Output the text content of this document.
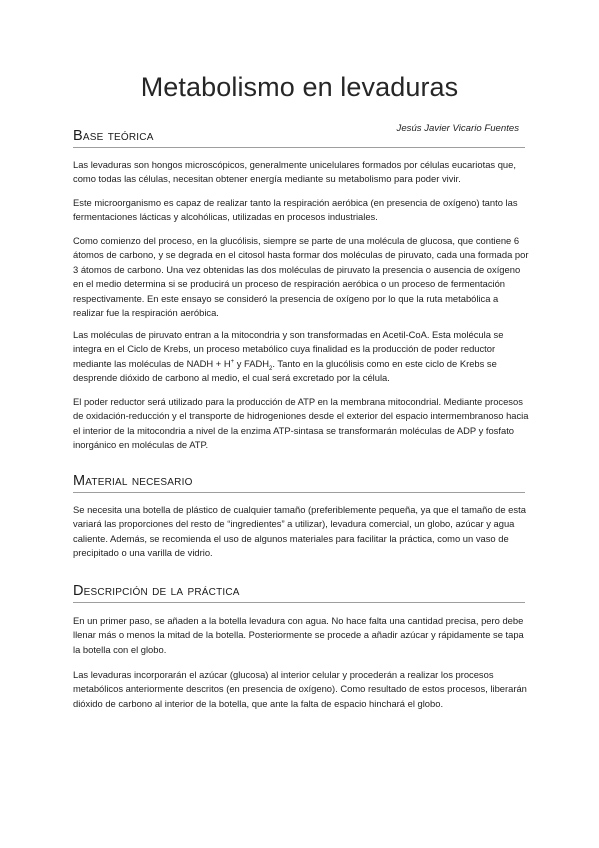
Metabolismo en levaduras
Jesús Javier Vicario Fuentes
Base teórica

Las levaduras son hongos microscópicos, generalmente unicelulares formados por células eucariotas que, como todas las células, necesitan obtener energía mediante su metabolismo para poder vivir.

Este microorganismo es capaz de realizar tanto la respiración aeróbica (en presencia de oxígeno) tanto las fermentaciones lácticas y alcohólicas, utilizadas en procesos industriales.

Como comienzo del proceso, en la glucólisis, siempre se parte de una molécula de glucosa, que contiene 6 átomos de carbono, y se degrada en el citosol hasta formar dos moléculas de piruvato, cada una formada por 3 átomos de carbono. Una vez obtenidas las dos moléculas de piruvato la presencia o ausencia de oxígeno en el medio determina si se producirá un proceso de respiración aeróbica o un proceso de fermentación respectivamente. En este ensayo se consideró la presencia de oxígeno por lo que la ruta metabólica a realizar fue la respiración aeróbica.

Las moléculas de piruvato entran a la mitocondria y son transformadas en Acetil-CoA. Esta molécula se integra en el Ciclo de Krebs, un proceso metabólico cuya finalidad es la producción de poder reductor mediante las moléculas de NADH + H+ y $FADH_2$. Tanto en la glucólisis como en este ciclo de Krebs se desprende dióxido de carbono al medio, el cual será excretado por la célula.

El poder reductor será utilizado para la producción de ATP en la membrana mitocondrial. Mediante procesos de oxidación-reducción y el transporte de hidrogeniones desde el exterior del espacio intermembranoso hacia el interior de la mitocondria a nivel de la enzima ATP-sintasa se transformarán moléculas de ADP y fosfato inorgánico en moléculas de ATP.

Material necesario

Se necesita una botella de plástico de cualquier tamaño (preferiblemente pequeña, ya que el tamaño de esta variará las proporciones del resto de “ingredientes” a utilizar), levadura comercial, un globo, azúcar y agua caliente. Además, se recomienda el uso de algunos materiales para facilitar la práctica, como un vaso de precipitado o una varilla de vidrio.

Descripción de la práctica

En un primer paso, se añaden a la botella levadura con agua. No hace falta una cantidad precisa, pero debe llenar más o menos la mitad de la botella. Posteriormente se procede a añadir azúcar y rápidamente se tapa la botella con el globo.

Las levaduras incorporarán el azúcar (glucosa) al interior celular y procederán a realizar los procesos metabólicos anteriormente descritos (en presencia de oxígeno). Como resultado de estos procesos, liberarán dióxido de carbono al interior de la botella, que ante la falta de espacio hinchará el globo.
